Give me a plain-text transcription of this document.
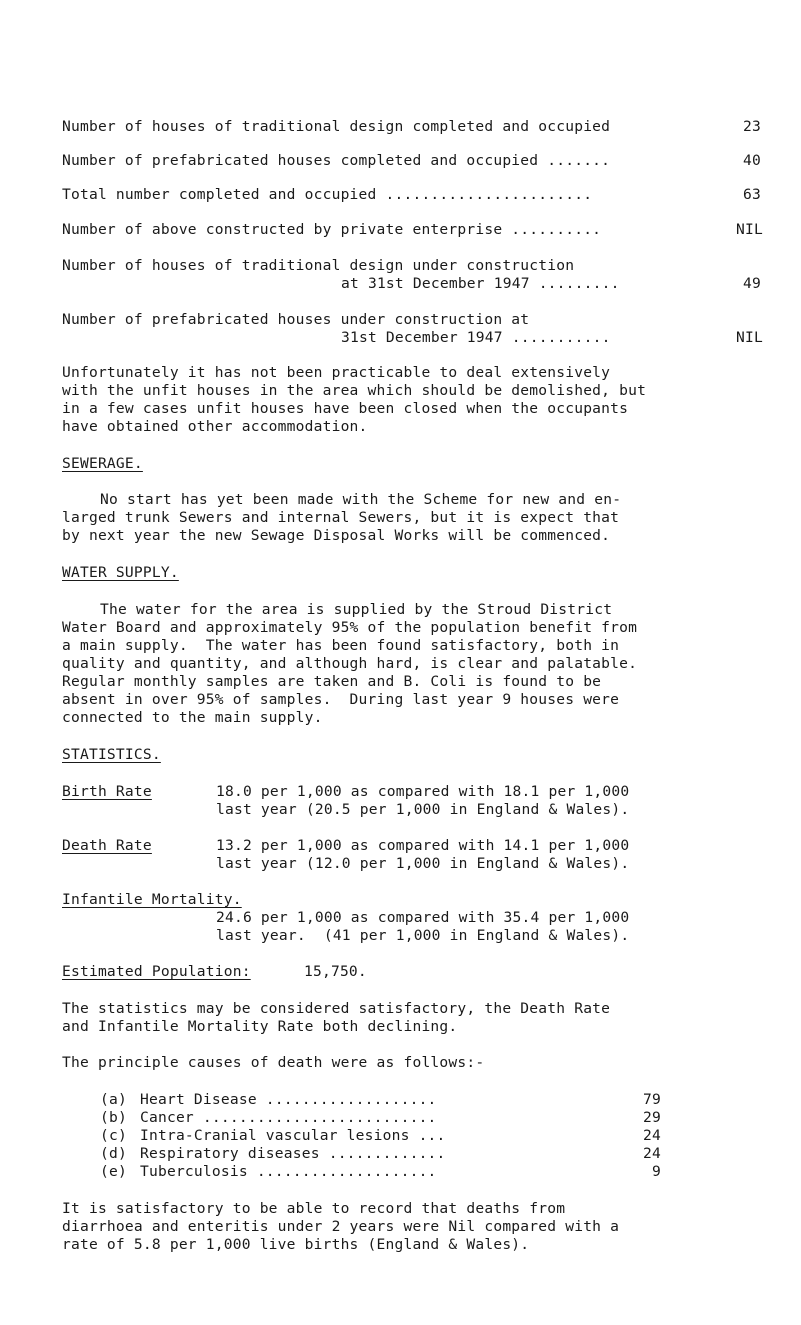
Number of houses of traditional design completed and occupied	23
Number of prefabricated houses completed and occupied .......	40
Total number completed and occupied .......................	63
Number of above constructed by private enterprise ..........	NIL
Number of houses of traditional design under construction
at 31st December 1947 .........	49
Number of prefabricated houses under construction at
31st December 1947 ...........	NIL
Unfortunately it has not been practicable to deal extensively
with the unfit houses in the area which should be demolished, but
in a few cases unfit houses have been closed when the occupants
have obtained other accommodation.
SEWERAGE.
No start has yet been made with the Scheme for new and en-
larged trunk Sewers and internal Sewers, but it is expect that
by next year the new Sewage Disposal Works will be commenced.
WATER SUPPLY.
The water for the area is supplied by the Stroud District
Water Board and approximately 95% of the population benefit from
a main supply.  The water has been found satisfactory, both in
quality and quantity, and although hard, is clear and palatable.
Regular monthly samples are taken and B. Coli is found to be
absent in over 95% of samples.  During last year 9 houses were
connected to the main supply.
STATISTICS.
Birth Rate	18.0 per 1,000 as compared with 18.1 per 1,000
last year (20.5 per 1,000 in England & Wales).
Death Rate	13.2 per 1,000 as compared with 14.1 per 1,000
last year (12.0 per 1,000 in England & Wales).
Infantile Mortality.
24.6 per 1,000 as compared with 35.4 per 1,000
last year.  (41 per 1,000 in England & Wales).
Estimated Population:	15,750.
The statistics may be considered satisfactory, the Death Rate
and Infantile Mortality Rate both declining.
The principle causes of death were as follows:-
(a) Heart Disease ...................	79
(b) Cancer ..........................	29
(c) Intra-Cranial vascular lesions ...	24
(d) Respiratory diseases .............	24
(e) Tuberculosis ....................	9
It is satisfactory to be able to record that deaths from
diarrhoea and enteritis under 2 years were Nil compared with a
rate of 5.8 per 1,000 live births (England & Wales).
